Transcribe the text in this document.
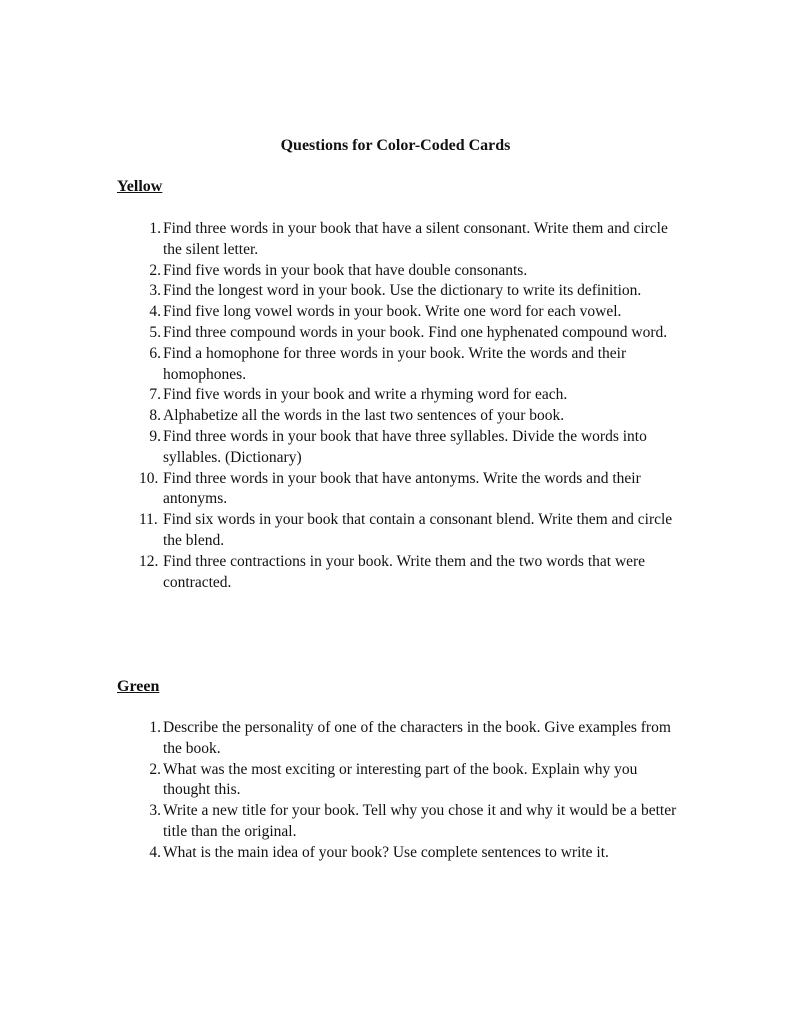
Questions for Color-Coded Cards
Yellow
1. Find three words in your book that have a silent consonant. Write them and circle the silent letter.
2. Find five words in your book that have double consonants.
3. Find the longest word in your book. Use the dictionary to write its definition.
4. Find five long vowel words in your book. Write one word for each vowel.
5. Find three compound words in your book. Find one hyphenated compound word.
6. Find a homophone for three words in your book. Write the words and their homophones.
7. Find five words in your book and write a rhyming word for each.
8. Alphabetize all the words in the last two sentences of your book.
9. Find three words in your book that have three syllables. Divide the words into syllables. (Dictionary)
10. Find three words in your book that have antonyms. Write the words and their antonyms.
11. Find six words in your book that contain a consonant blend. Write them and circle the blend.
12. Find three contractions in your book. Write them and the two words that were contracted.
Green
1. Describe the personality of one of the characters in the book. Give examples from the book.
2. What was the most exciting or interesting part of the book. Explain why you thought this.
3. Write a new title for your book. Tell why you chose it and why it would be a better title than the original.
4. What is the main idea of your book? Use complete sentences to write it.
